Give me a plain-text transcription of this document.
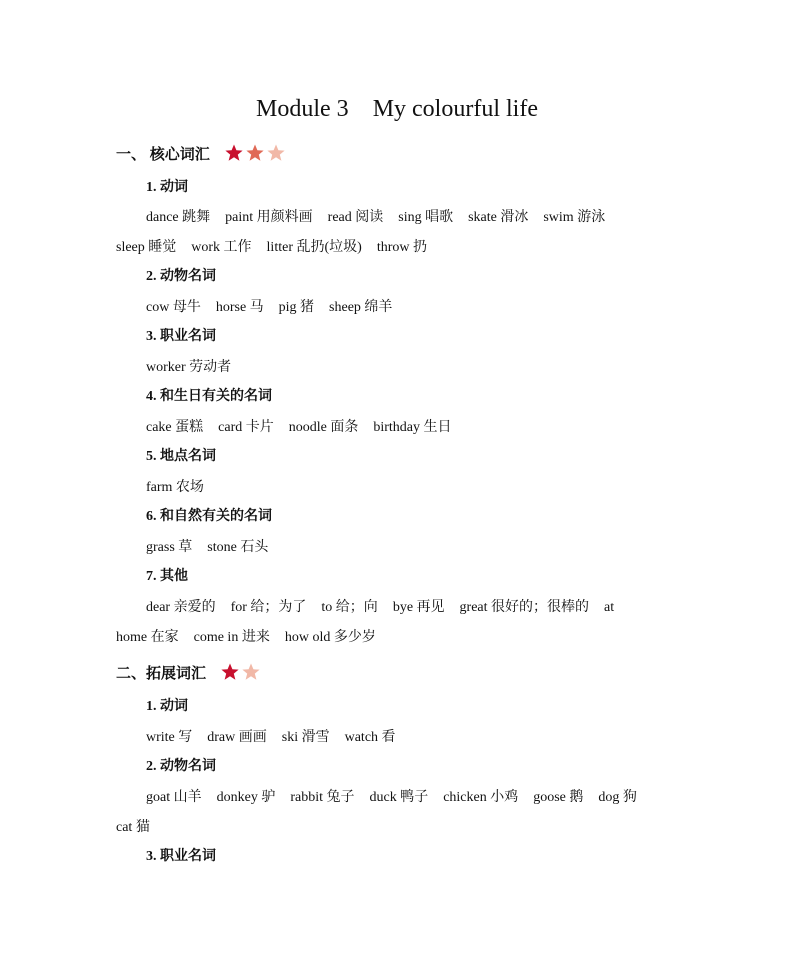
Module 3 My colourful life
一、 核心词汇
1. 动词
dance 跳舞 paint 用颜料画 read 阅读 sing 唱歌 skate 滑冰 swim 游泳
sleep 睡觉 work 工作 litter 乱扔(垃圾) throw 扔
2. 动物名词
cow 母牛 horse 马 pig 猪 sheep 绵羊
3. 职业名词
worker 劳动者
4. 和生日有关的名词
cake 蛋糕 card 卡片 noodle 面条 birthday 生日
5. 地点名词
farm 农场
6. 和自然有关的名词
grass 草 stone 石头
7. 其他
dear 亲爱的 for 给；为了 to 给；向 bye 再见 great 很好的；很棒的 at
home 在家 come in 进来 how old 多少岁
二、拓展词汇
1. 动词
write 写 draw 画画 ski 滑雪 watch 看
2. 动物名词
goat 山羊 donkey 驴 rabbit 兔子 duck 鸭子 chicken 小鸡 goose 鹅 dog 狗
cat 猫
3. 职业名词
